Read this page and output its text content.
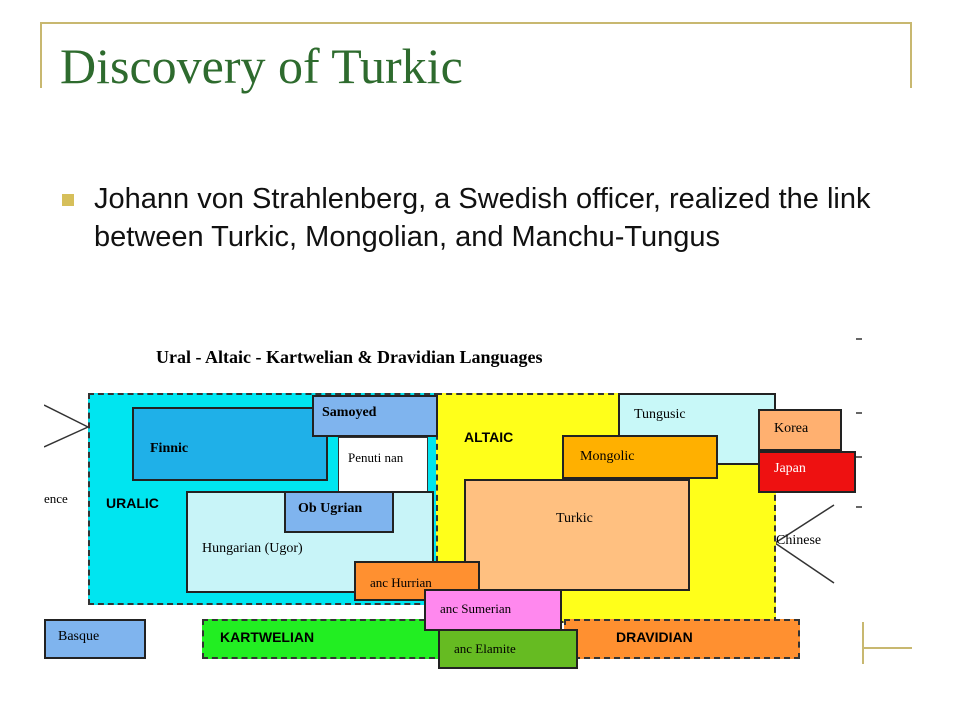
Discovery of Turkic
Johann von Strahlenberg, a Swedish officer, realized the link between Turkic, Mongolian, and Manchu-Tungus
Ural - Altaic - Kartwelian & Dravidian Languages
ence	URALIC
Finnic
Samoyed
Penuti nan
Ob Ugrian
Hungarian (Ugor)
ALTAIC
Tungusic
Mongolic
Turkic
Korea
Japan
Chinese
anc Hurrian
anc Sumerian
anc Elamite
Basque	KARTWELIAN	DRAVIDIAN
